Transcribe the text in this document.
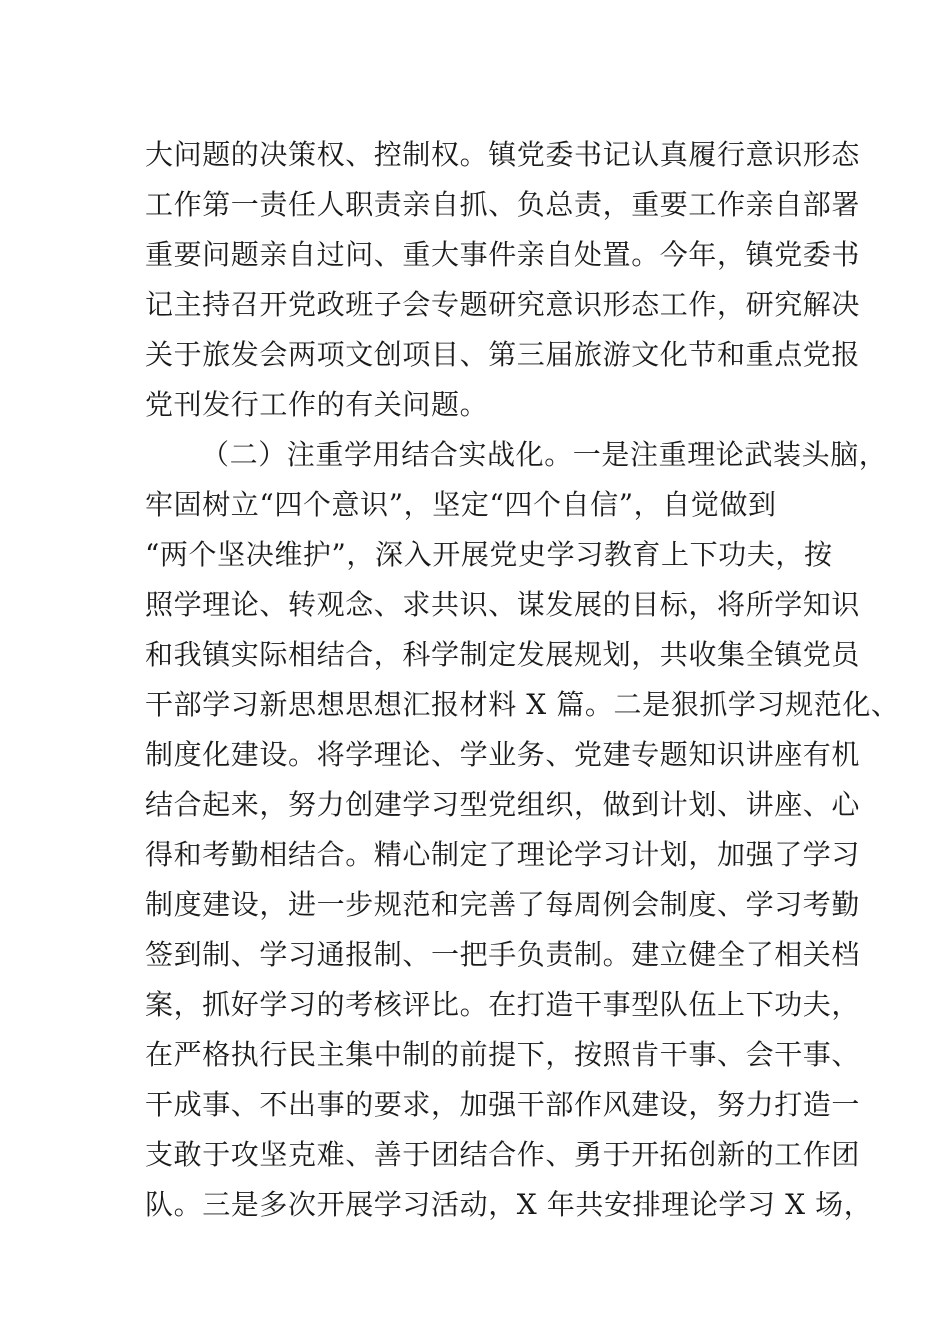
大问题的决策权、控制权。镇党委书记认真履行意识形态
工作第一责任人职责亲自抓、负总责，重要工作亲自部署
重要问题亲自过问、重大事件亲自处置。今年，镇党委书
记主持召开党政班子会专题研究意识形态工作，研究解决
关于旅发会两项文创项目、第三届旅游文化节和重点党报
党刊发行工作的有关问题。
（二）注重学用结合实战化。一是注重理论武装头脑，
牢固树立“四个意识”，坚定“四个自信”，自觉做到
“两个坚决维护”，深入开展党史学习教育上下功夫，按
照学理论、转观念、求共识、谋发展的目标，将所学知识
和我镇实际相结合，科学制定发展规划，共收集全镇党员
干部学习新思想思想汇报材料 X 篇。二是狠抓学习规范化、
制度化建设。将学理论、学业务、党建专题知识讲座有机
结合起来，努力创建学习型党组织，做到计划、讲座、心
得和考勤相结合。精心制定了理论学习计划，加强了学习
制度建设，进一步规范和完善了每周例会制度、学习考勤
签到制、学习通报制、一把手负责制。建立健全了相关档
案，抓好学习的考核评比。在打造干事型队伍上下功夫，
在严格执行民主集中制的前提下，按照肯干事、会干事、
干成事、不出事的要求，加强干部作风建设，努力打造一
支敢于攻坚克难、善于团结合作、勇于开拓创新的工作团
队。三是多次开展学习活动，X 年共安排理论学习 X 场，
